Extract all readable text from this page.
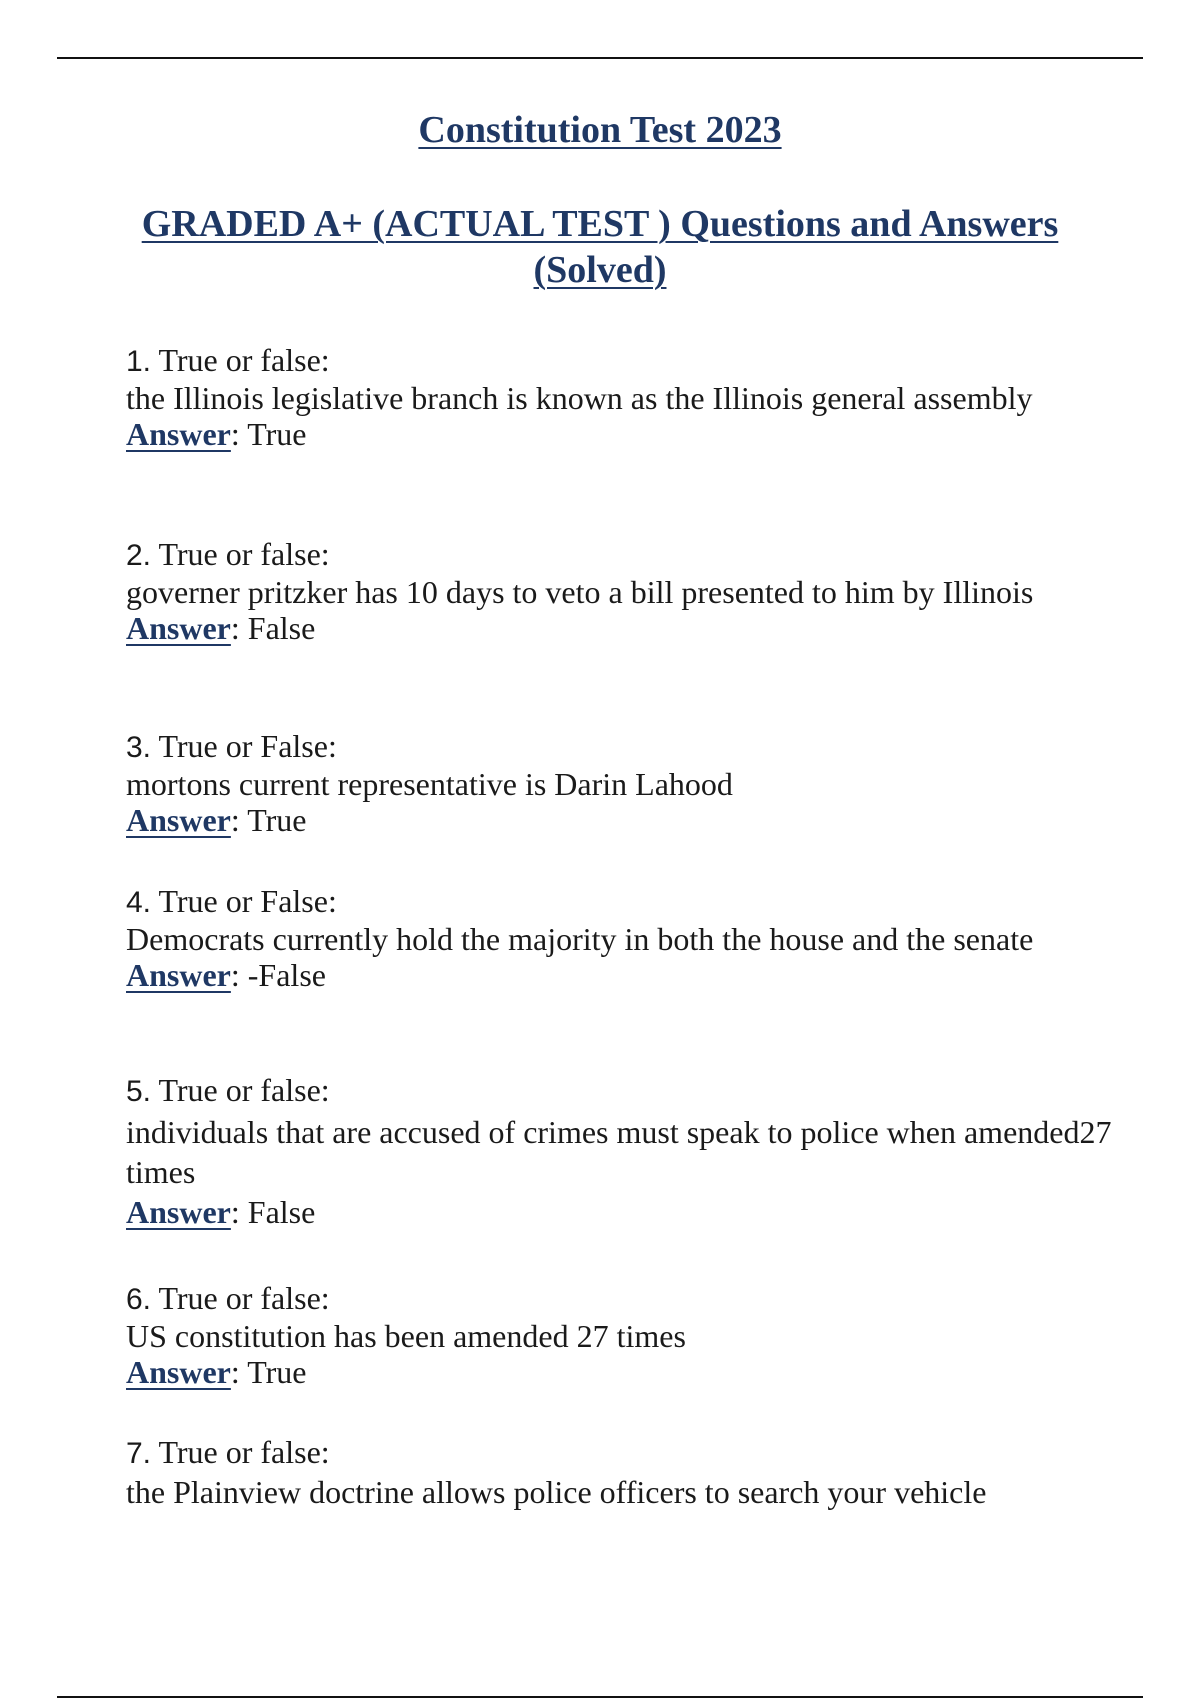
Constitution Test 2023
GRADED A+ (ACTUAL TEST ) Questions and Answers (Solved)
1. True or false:
the Illinois legislative branch is known as the Illinois general assembly
Answer: True
2. True or false:
governer pritzker has 10 days to veto a bill presented to him by Illinois
Answer: False
3. True or False:
mortons current representative is Darin Lahood
Answer: True
4. True or False:
Democrats currently hold the majority in both the house and the senate
Answer: -False
5. True or false:
individuals that are accused of crimes must speak to police when amended27 times
Answer: False
6. True or false:
US constitution has been amended 27 times
Answer: True
7. True or false:
the Plainview doctrine allows police officers to search your vehicle
